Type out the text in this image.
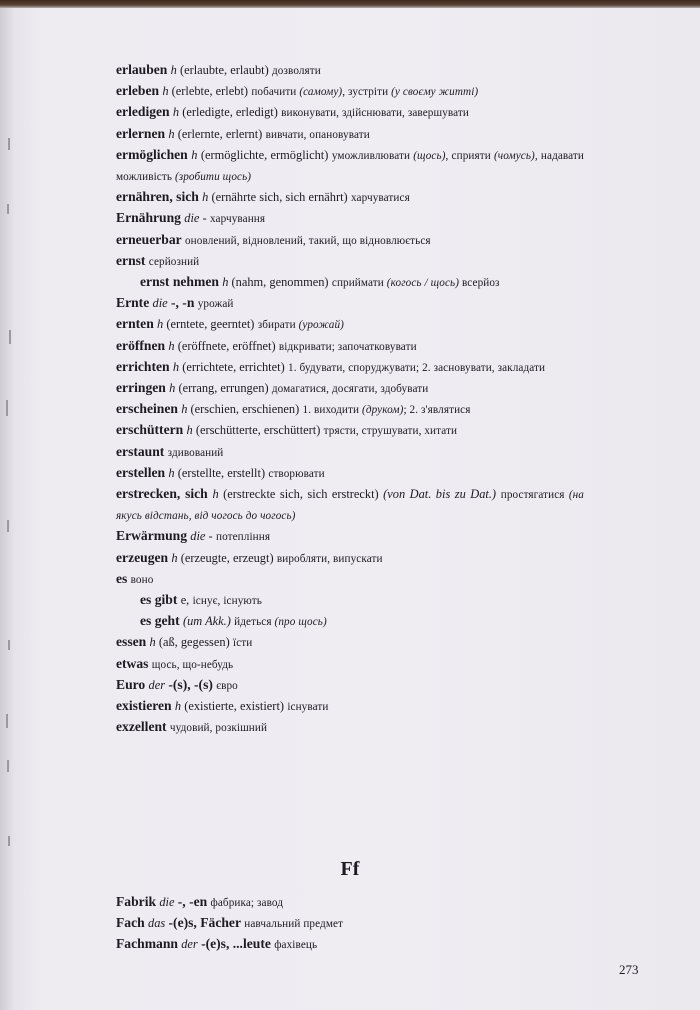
erlauben h (erlaubte, erlaubt) дозволяти

erleben h (erlebte, erlebt) побачити (самому), зустріти (у своєму житті)

erledigen h (erledigte, erledigt) виконувати, здійснювати, завершувати

erlernen h (erlernte, erlernt) вивчати, опановувати

ermöglichen h (ermöglichte, ermöglicht) уможливлювати (щось), сприяти (чомусь), надавати можливість (зробити щось)

ernähren, sich h (ernährte sich, sich ernährt) харчуватися

Ernährung die - харчування

erneuerbar оновлений, відновлений, такий, що відновлюється

ernst серйозний

ernst nehmen h (nahm, genommen) сприймати (когось / щось) всерйоз

Ernte die -, -n урожай

ernten h (erntete, geerntet) збирати (урожай)

eröffnen h (eröffnete, eröffnet) відкривати; започатковувати

errichten h (errichtete, errichtet) 1. будувати, споруджувати; 2. засновувати, закладати

erringen h (errang, errungen) домагатися, досягати, здобувати

erscheinen h (erschien, erschienen) 1. виходити (друком); 2. з'являтися

erschüttern h (erschütterte, erschüttert) трясти, струшувати, хитати

erstaunt здивований

erstellen h (erstellte, erstellt) створювати

erstrecken, sich h (erstreckte sich, sich erstreckt) (von Dat. bis zu Dat.) простягатися (на якусь відстань, від чогось до чогось)

Erwärmung die - потепління

erzeugen h (erzeugte, erzeugt) виробляти, випускати

es воно

es gibt е, існує, існують

es geht (um Akk.) йдеться (про щось)

essen h (aß, gegessen) їсти

etwas щось, що-небудь

Euro der -(s), -(s) євро

existieren h (existierte, existiert) існувати

exzellent чудовий, розкішний

Ff

Fabrik die -, -en фабрика; завод

Fach das -(e)s, Fächer навчальний предмет

Fachmann der -(e)s, ...leute фахівець

273
